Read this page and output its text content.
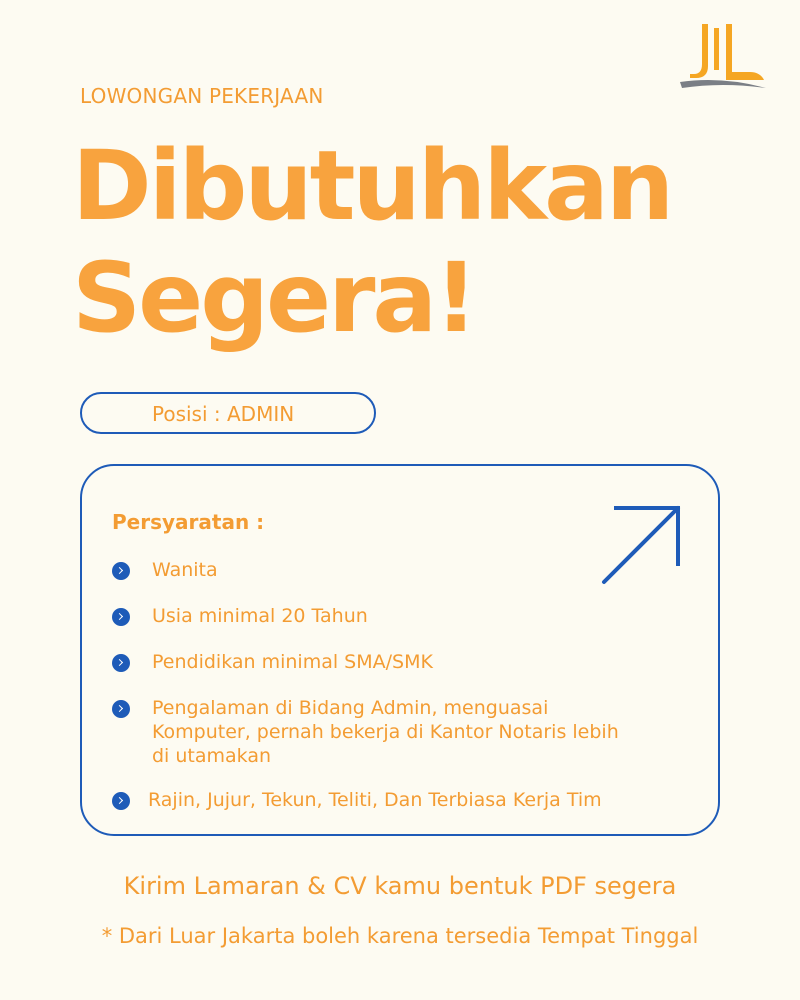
LOWONGAN PEKERJAAN
Dibutuhkan
Segera!
Posisi : ADMIN
Persyaratan :
Wanita
Usia minimal 20 Tahun
Pendidikan minimal SMA/SMK
Pengalaman di Bidang Admin, menguasai Komputer, pernah bekerja di Kantor Notaris lebih di utamakan
Rajin, Jujur, Tekun, Teliti, Dan Terbiasa Kerja Tim
Kirim Lamaran & CV kamu bentuk PDF segera
* Dari Luar Jakarta boleh karena tersedia Tempat Tinggal
